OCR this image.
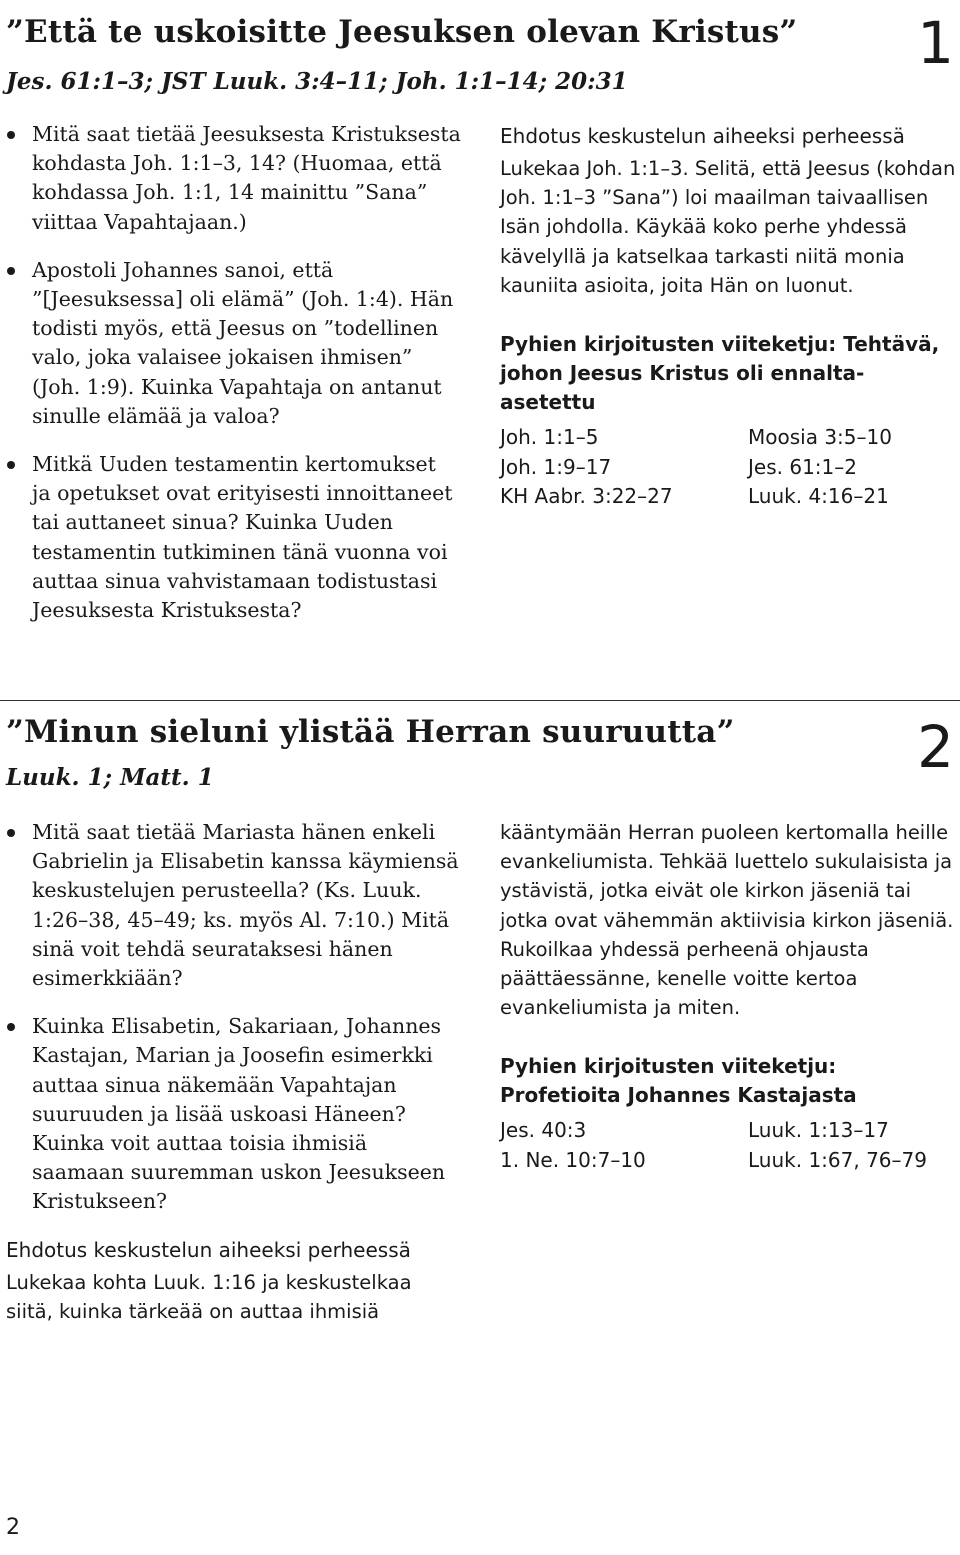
”Että te uskoisitte Jeesuksen olevan Kristus”
Jes. 61:1–3; JST Luuk. 3:4–11; Joh. 1:1–14; 20:31
1
Mitä saat tietää Jeesuksesta Kristuksesta kohdasta Joh. 1:1–3, 14? (Huomaa, että kohdassa Joh. 1:1, 14 mainittu ”Sana” viittaa Vapahtajaan.)
Apostoli Johannes sanoi, että ”[Jeesuksessa] oli elämä” (Joh. 1:4). Hän todisti myös, että Jeesus on ”todellinen valo, joka valaisee jokaisen ihmisen” (Joh. 1:9). Kuinka Vapahtaja on antanut sinulle elämää ja valoa?
Mitkä Uuden testamentin kertomukset ja opetukset ovat erityisesti innoittaneet tai auttaneet sinua? Kuinka Uuden testamentin tutkiminen tänä vuonna voi auttaa sinua vahvistamaan todistustasi Jeesuksesta Kristuksesta?

Ehdotus keskustelun aiheeksi perheessä

Lukekaa Joh. 1:1–3. Selitä, että Jeesus (kohdan Joh. 1:1–3 ”Sana”) loi maailman taivaallisen Isän johdolla. Käykää koko perhe yhdessä kävelyllä ja katselkaa tarkasti niitä monia kauniita asioita, joita Hän on luonut.

Pyhien kirjoitusten viiteketju: Tehtävä, johon Jeesus Kristus oli ennalta-asetettu

Joh. 1:1–5	Moosia 3:5–10
Joh. 1:9–17	Jes. 61:1–2
KH Aabr. 3:22–27	Luuk. 4:16–21
”Minun sieluni ylistää Herran suuruutta”
Luuk. 1; Matt. 1	2
Mitä saat tietää Mariasta hänen enkeli Gabrielin ja Elisabetin kanssa käymiensä keskustelujen perusteella? (Ks. Luuk. 1:26–38, 45–49; ks. myös Al. 7:10.) Mitä sinä voit tehdä seurataksesi hänen esimerkkiään?
Kuinka Elisabetin, Sakariaan, Johannes Kastajan, Marian ja Joosefin esimerkki auttaa sinua näkemään Vapahtajan suuruuden ja lisää uskoasi Häneen? Kuinka voit auttaa toisia ihmisiä saamaan suuremman uskon Jeesukseen Kristukseen?

Ehdotus keskustelun aiheeksi perheessä

Lukekaa kohta Luuk. 1:16 ja keskustelkaa siitä, kuinka tärkeää on auttaa ihmisiä

kääntymään Herran puoleen kertomalla heille evankeliumista. Tehkää luettelo sukulaisista ja ystävistä, jotka eivät ole kirkon jäseniä tai jotka ovat vähemmän aktiivisia kirkon jäseniä. Rukoilkaa yhdessä perheenä ohjausta päättäessänne, kenelle voitte kertoa evankeliumista ja miten.

Pyhien kirjoitusten viiteketju: Profetioita Johannes Kastajasta

Jes. 40:3	Luuk. 1:13–17
1. Ne. 10:7–10	Luuk. 1:67, 76–79
2
